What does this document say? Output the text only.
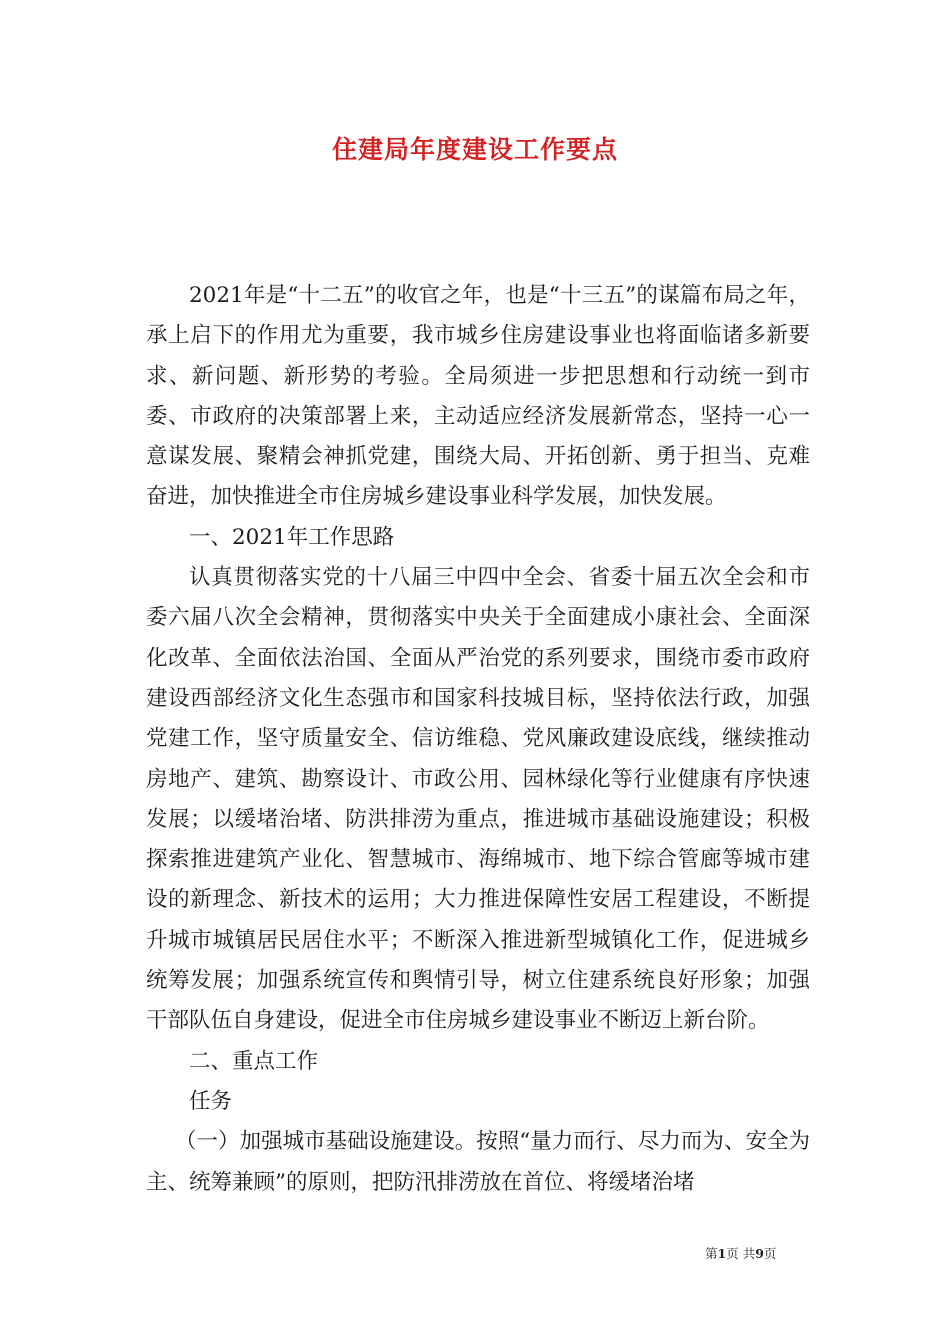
住建局年度建设工作要点

2021年是“十二五”的收官之年，也是“十三五”的谋篇布局之年，承上启下的作用尤为重要，我市城乡住房建设事业也将面临诸多新要求、新问题、新形势的考验。全局须进一步把思想和行动统一到市委、市政府的决策部署上来，主动适应经济发展新常态，坚持一心一意谋发展、聚精会神抓党建，围绕大局、开拓创新、勇于担当、克难奋进，加快推进全市住房城乡建设事业科学发展，加快发展。

一、2021年工作思路

认真贯彻落实党的十八届三中四中全会、省委十届五次全会和市委六届八次全会精神，贯彻落实中央关于全面建成小康社会、全面深化改革、全面依法治国、全面从严治党的系列要求，围绕市委市政府建设西部经济文化生态强市和国家科技城目标，坚持依法行政，加强党建工作，坚守质量安全、信访维稳、党风廉政建设底线，继续推动房地产、建筑、勘察设计、市政公用、园林绿化等行业健康有序快速发展；以缓堵治堵、防洪排涝为重点，推进城市基础设施建设；积极探索推进建筑产业化、智慧城市、海绵城市、地下综合管廊等城市建设的新理念、新技术的运用；大力推进保障性安居工程建设，不断提升城市城镇居民居住水平；不断深入推进新型城镇化工作，促进城乡统筹发展；加强系统宣传和舆情引导，树立住建系统良好形象；加强干部队伍自身建设，促进全市住房城乡建设事业不断迈上新台阶。

二、重点工作

任务

（一）加强城市基础设施建设。按照“量力而行、尽力而为、安全为主、统筹兼顾”的原则，把防汛排涝放在首位、将缓堵治堵

第1页 共9页
